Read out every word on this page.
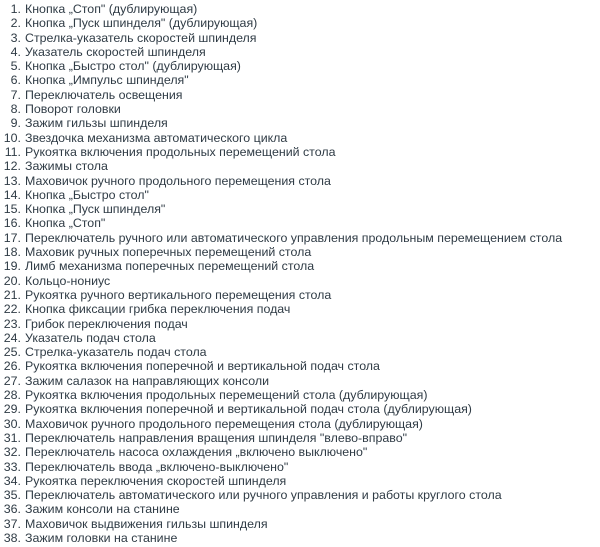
1. Кнопка „Стоп" (дублирующая)
2. Кнопка „Пуск шпинделя" (дублирующая)
3. Стрелка-указатель скоростей шпинделя
4. Указатель скоростей шпинделя
5. Кнопка „Быстро стол" (дублирующая)
6. Кнопка „Импульс шпинделя"
7. Переключатель освещения
8. Поворот головки
9. Зажим гильзы шпинделя
10. Звездочка механизма автоматического цикла
11. Рукоятка включения продольных перемещений стола
12. Зажимы стола
13. Маховичок ручного продольного перемещения стола
14. Кнопка „Быстро стол"
15. Кнопка „Пуск шпинделя"
16. Кнопка „Стоп"
17. Переключатель ручного или автоматического управления продольным перемещением стола
18. Маховик ручных поперечных перемещений стола
19. Лимб механизма поперечных перемещений стола
20. Кольцо-нониус
21. Рукоятка ручного вертикального перемещения стола
22. Кнопка фиксации грибка переключения подач
23. Грибок переключения подач
24. Указатель подач стола
25. Стрелка-указатель подач стола
26. Рукоятка включения поперечной и вертикальной подач стола
27. Зажим салазок на направляющих консоли
28. Рукоятка включения продольных перемещений стола (дублирующая)
29. Рукоятка включения поперечной и вертикальной подач стола (дублирующая)
30. Маховичок ручного продольного перемещения стола (дублирующая)
31. Переключатель направления вращения шпинделя "влево-вправо"
32. Переключатель насоса охлаждения „включено выключено"
33. Переключатель ввода „включено-выключено"
34. Рукоятка переключения скоростей шпинделя
35. Переключатель автоматического или ручного управления и работы круглого стола
36. Зажим консоли на станине
37. Маховичок выдвижения гильзы шпинделя
38. Зажим головки на станине
